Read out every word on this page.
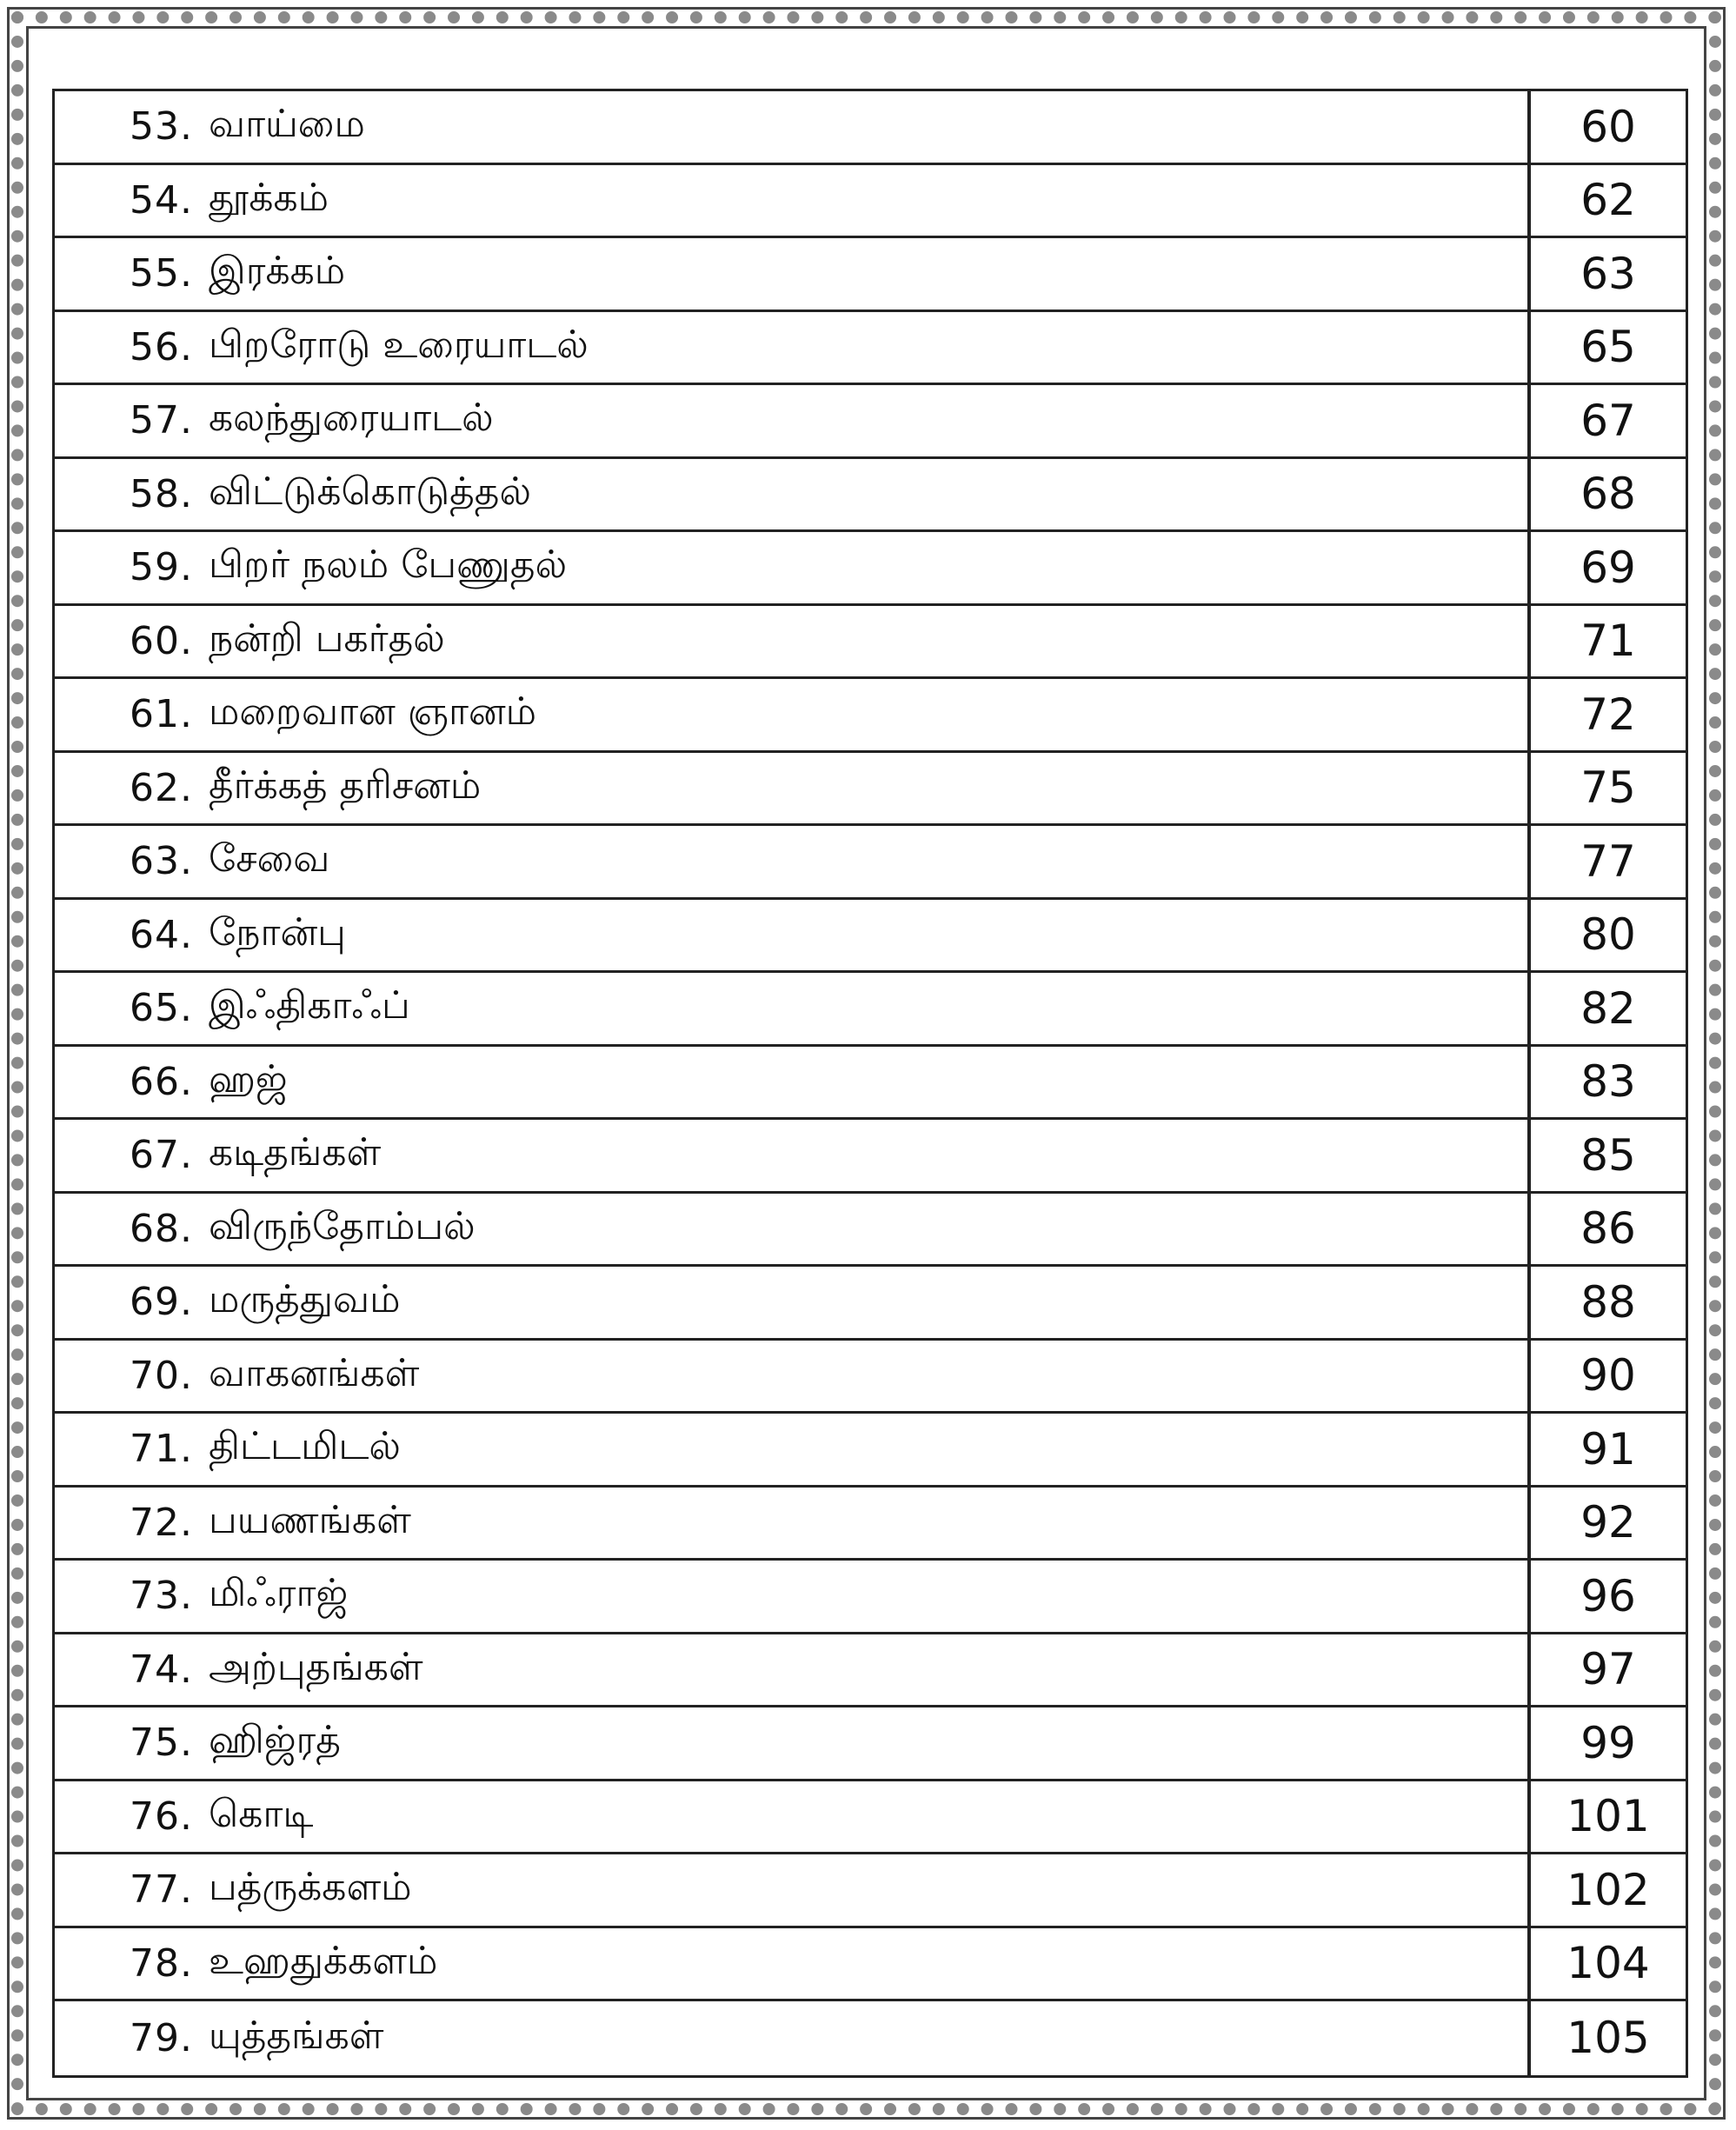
53. வாய்மை	60
54. தூக்கம்	62
55. இரக்கம்	63
56. பிறரோடு உரையாடல்	65
57. கலந்துரையாடல்	67
58. விட்டுக்கொடுத்தல்	68
59. பிறர் நலம் பேணுதல்	69
60. நன்றி பகர்தல்	71
61. மறைவான ஞானம்	72
62. தீர்க்கத் தரிசனம்	75
63. சேவை	77
64. நோன்பு	80
65. இஃதிகாஃப்	82
66. ஹஜ்	83
67. கடிதங்கள்	85
68. விருந்தோம்பல்	86
69. மருத்துவம்	88
70. வாகனங்கள்	90
71. திட்டமிடல்	91
72. பயணங்கள்	92
73. மிஃராஜ்	96
74. அற்புதங்கள்	97
75. ஹிஜ்ரத்	99
76. கொடி	101
77. பத்ருக்களம்	102
78. உஹதுக்களம்	104
79. யுத்தங்கள்	105
